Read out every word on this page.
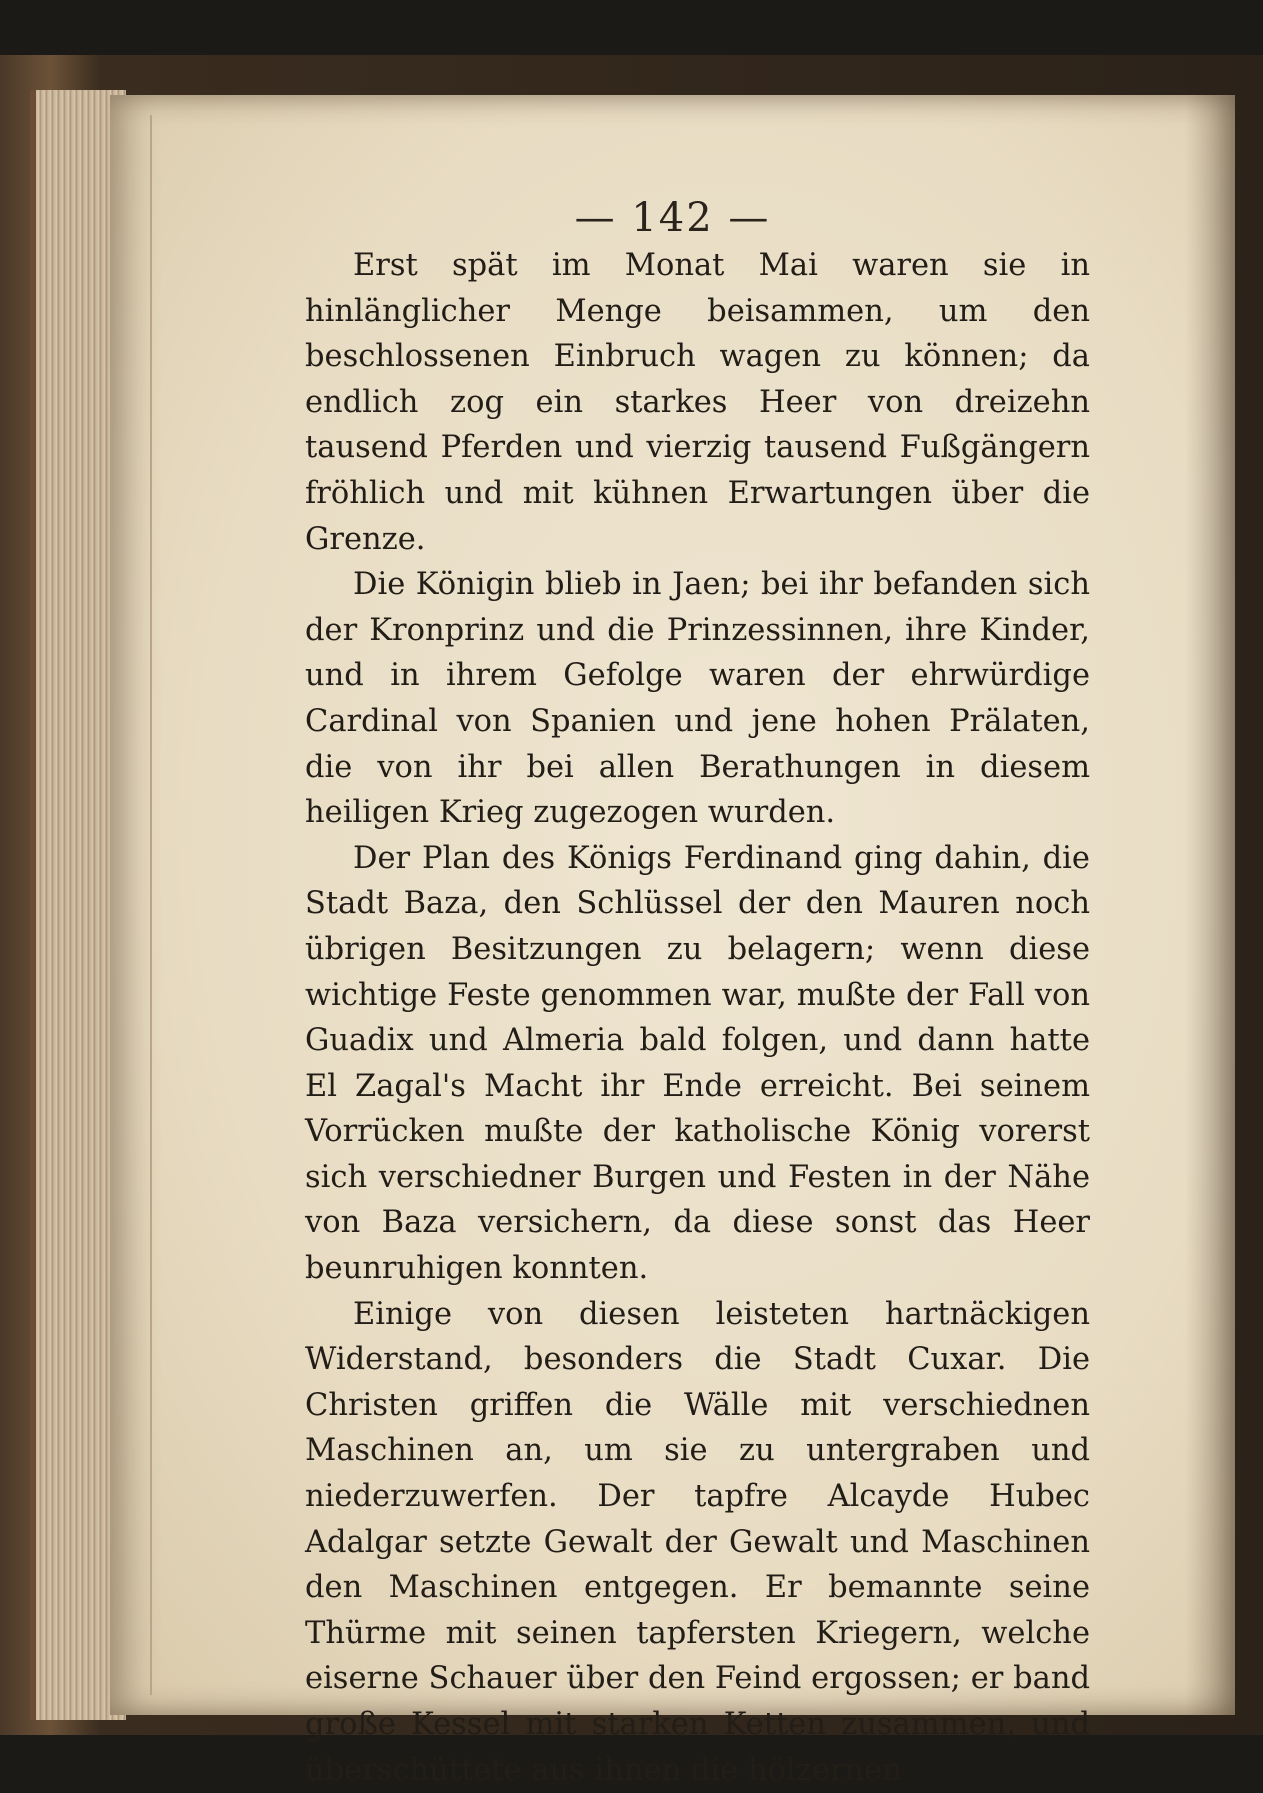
— 142 —

Erst spät im Monat Mai waren sie in hinlänglicher Menge beisammen, um den beschlossenen Einbruch wagen zu können; da endlich zog ein starkes Heer von dreizehn tausend Pferden und vierzig tausend Fußgängern fröhlich und mit kühnen Erwartungen über die Grenze.

Die Königin blieb in Jaen; bei ihr befanden sich der Kronprinz und die Prinzessinnen, ihre Kinder, und in ihrem Gefolge waren der ehrwürdige Cardinal von Spanien und jene hohen Prälaten, die von ihr bei allen Berathungen in diesem heiligen Krieg zugezogen wurden.

Der Plan des Königs Ferdinand ging dahin, die Stadt Baza, den Schlüssel der den Mauren noch übrigen Besitzungen zu belagern; wenn diese wichtige Feste genommen war, mußte der Fall von Guadix und Almeria bald folgen, und dann hatte El Zagal's Macht ihr Ende erreicht. Bei seinem Vorrücken mußte der katholische König vorerst sich verschiedner Burgen und Festen in der Nähe von Baza versichern, da diese sonst das Heer beunruhigen konnten.

Einige von diesen leisteten hartnäckigen Widerstand, besonders die Stadt Cuxar. Die Christen griffen die Wälle mit verschiednen Maschinen an, um sie zu untergraben und niederzuwerfen. Der tapfre Alcayde Hubec Adalgar setzte Gewalt der Gewalt und Maschinen den Maschinen entgegen. Er bemannte seine Thürme mit seinen tapfersten Kriegern, welche eiserne Schauer über den Feind ergossen; er band große Kessel mit starken Ketten zusammen, und überschüttete aus ihnen die hölzernen
